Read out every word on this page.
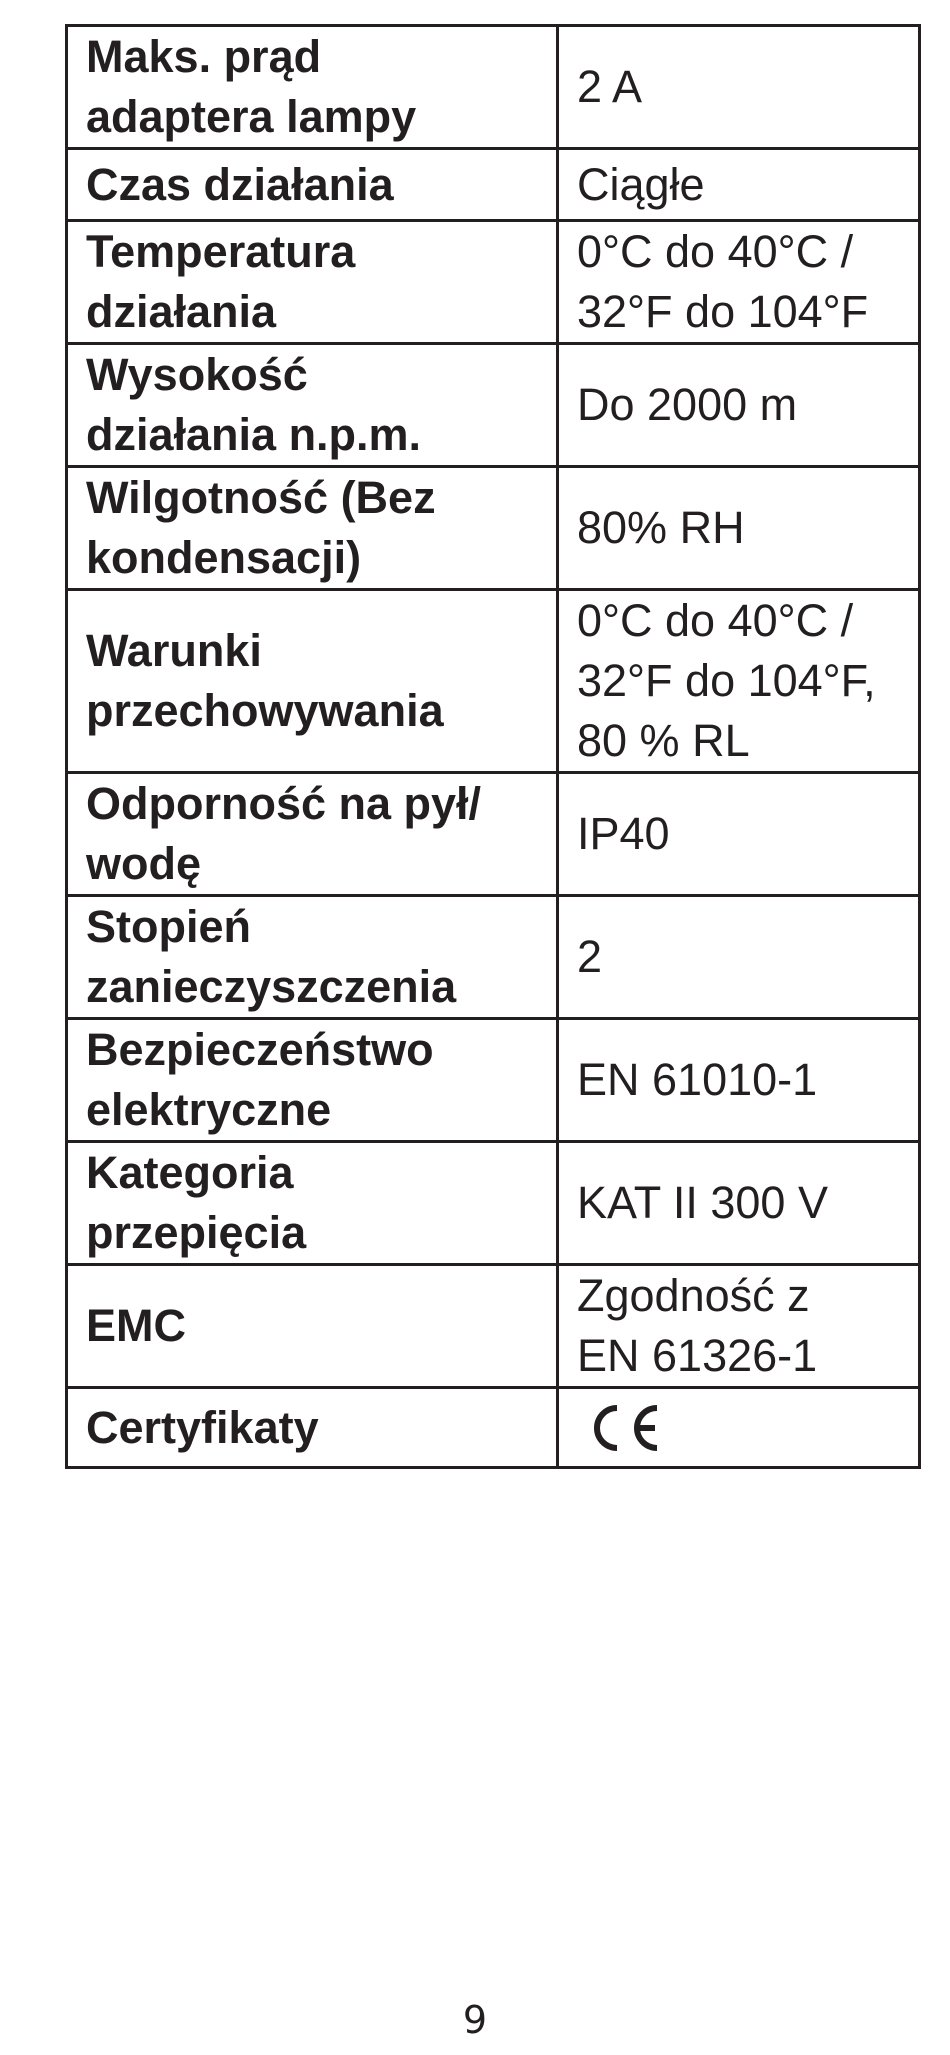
Maks. prąd
adaptera lampy	2 A

Czas działania	Ciągłe

Temperatura
działania	0°C do 40°C /
32°F do 104°F

Wysokość
działania n.p.m.	Do 2000 m

Wilgotność (Bez
kondensacji)	80% RH

Warunki
przechowywania	0°C do 40°C /
32°F do 104°F,
80 % RL

Odporność na pył/
wodę	IP40

Stopień
zanieczyszczenia	2

Bezpieczeństwo
elektryczne	EN 61010-1

Kategoria
przepięcia	KAT II 300 V

EMC	Zgodność z
EN 61326-1

Certyfikaty

9
